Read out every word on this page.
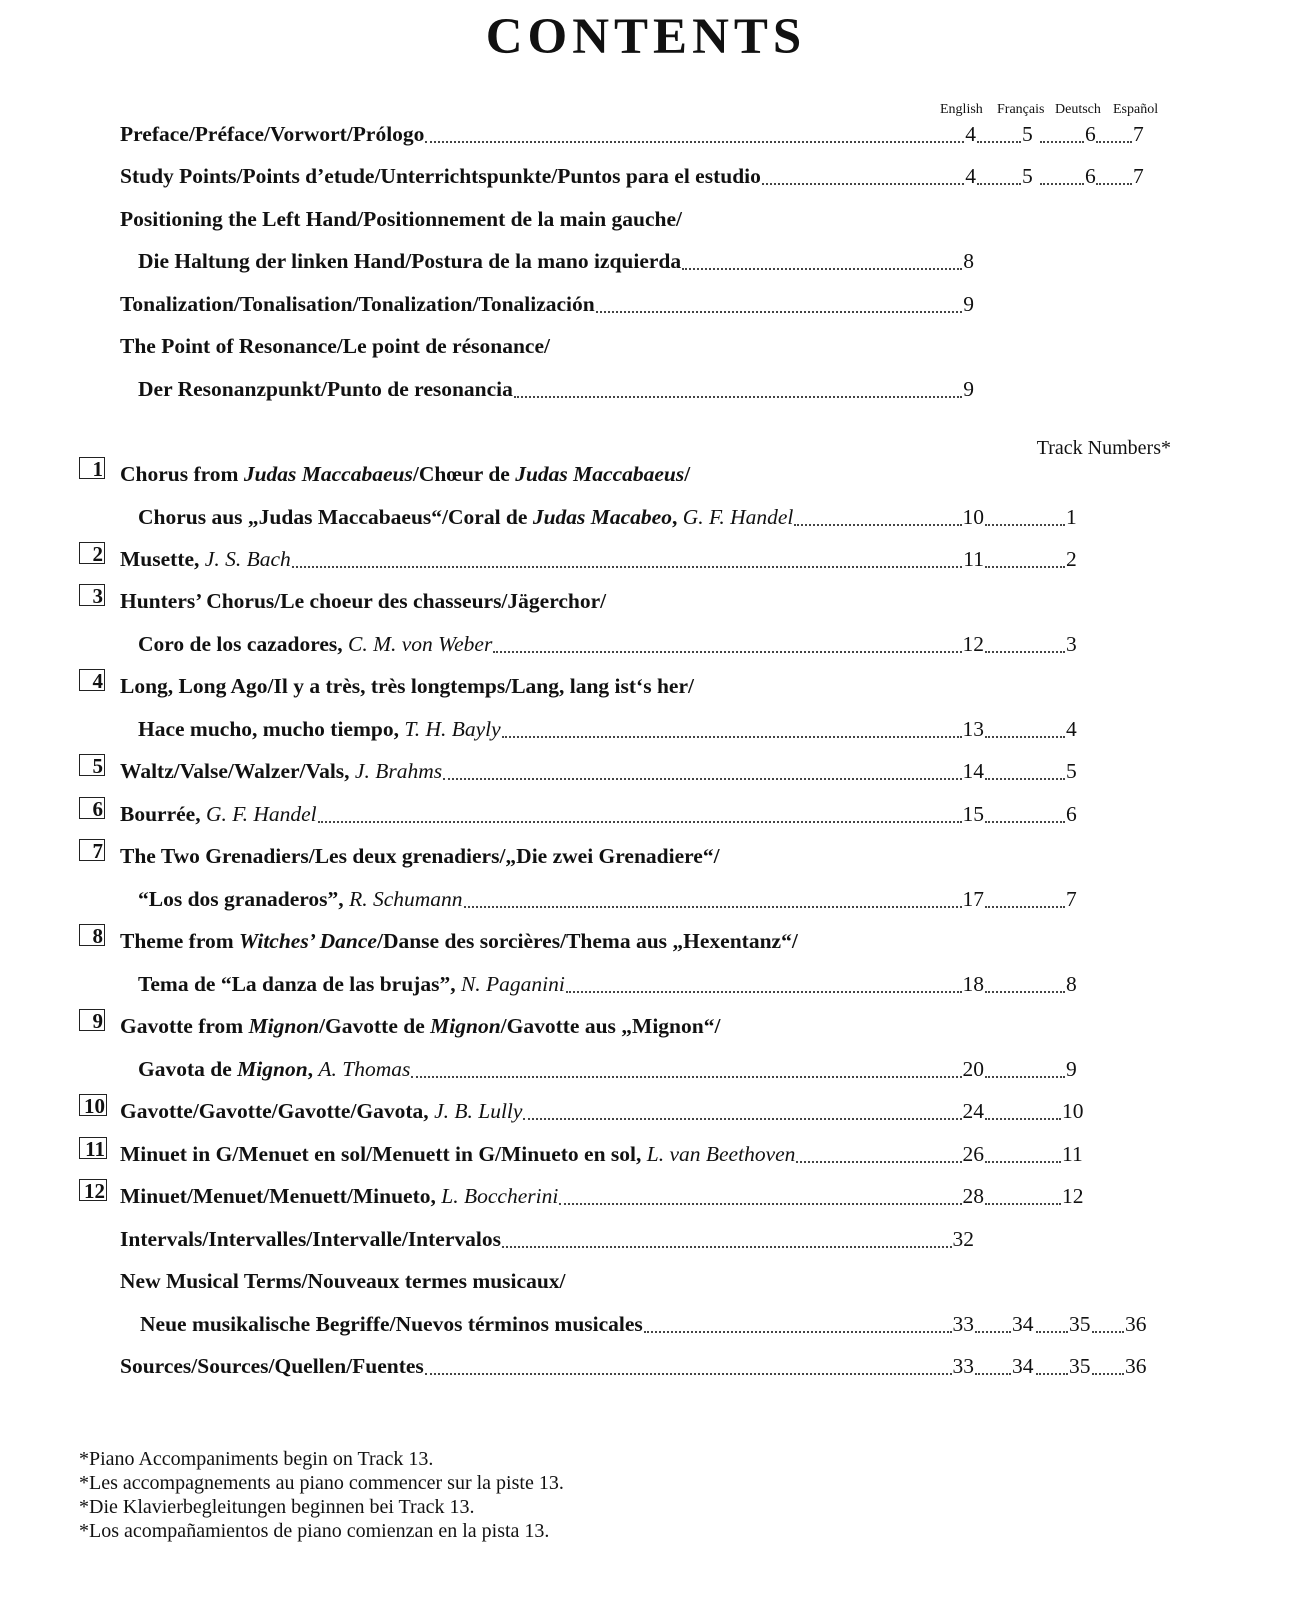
CONTENTS
English Français Deutsch Español
Preface/Préface/Vorwort/Prólogo	4 5 6 7
Study Points/Points d’etude/Unterrichtspunkte/Puntos para el estudio	4 5 6 7
Positioning the Left Hand/Positionnement de la main gauche/
Die Haltung der linken Hand/Postura de la mano izquierda	8
Tonalization/Tonalisation/Tonalization/Tonalización	9
The Point of Resonance/Le point de résonance/
Der Resonanzpunkt/Punto de resonancia	9
Track Numbers*
1 Chorus from Judas Maccabaeus/Chœur de Judas Maccabaeus/
Chorus aus „Judas Maccabaeus“/Coral de Judas Macabeo, G. F. Handel	10	1
2 Musette, J. S. Bach	11	2
3 Hunters’ Chorus/Le choeur des chasseurs/Jägerchor/
Coro de los cazadores, C. M. von Weber	12	3
4 Long, Long Ago/Il y a très, très longtemps/Lang, lang ist‘s her/
Hace mucho, mucho tiempo, T. H. Bayly	13	4
5 Waltz/Valse/Walzer/Vals, J. Brahms	14	5
6 Bourrée, G. F. Handel	15	6
7 The Two Grenadiers/Les deux grenadiers/„Die zwei Grenadiere“/
“Los dos granaderos”, R. Schumann	17	7
8 Theme from Witches’ Dance/Danse des sorcières/Thema aus „Hexentanz“/
Tema de “La danza de las brujas”, N. Paganini	18	8
9 Gavotte from Mignon/Gavotte de Mignon/Gavotte aus „Mignon“/
Gavota de Mignon, A. Thomas	20	9
10 Gavotte/Gavotte/Gavotte/Gavota, J. B. Lully	24	10
11 Minuet in G/Menuet en sol/Menuett in G/Minueto en sol, L. van Beethoven	26	11
12 Minuet/Menuet/Menuett/Minueto, L. Boccherini	28	12
Intervals/Intervalles/Intervalle/Intervalos	32
New Musical Terms/Nouveaux termes musicaux/
Neue musikalische Begriffe/Nuevos términos musicales	33 34 35 36
Sources/Sources/Quellen/Fuentes	33 34 35 36
*Piano Accompaniments begin on Track 13.
*Les accompagnements au piano commencer sur la piste 13.
*Die Klavierbegleitungen beginnen bei Track 13.
*Los acompañamientos de piano comienzan en la pista 13.
